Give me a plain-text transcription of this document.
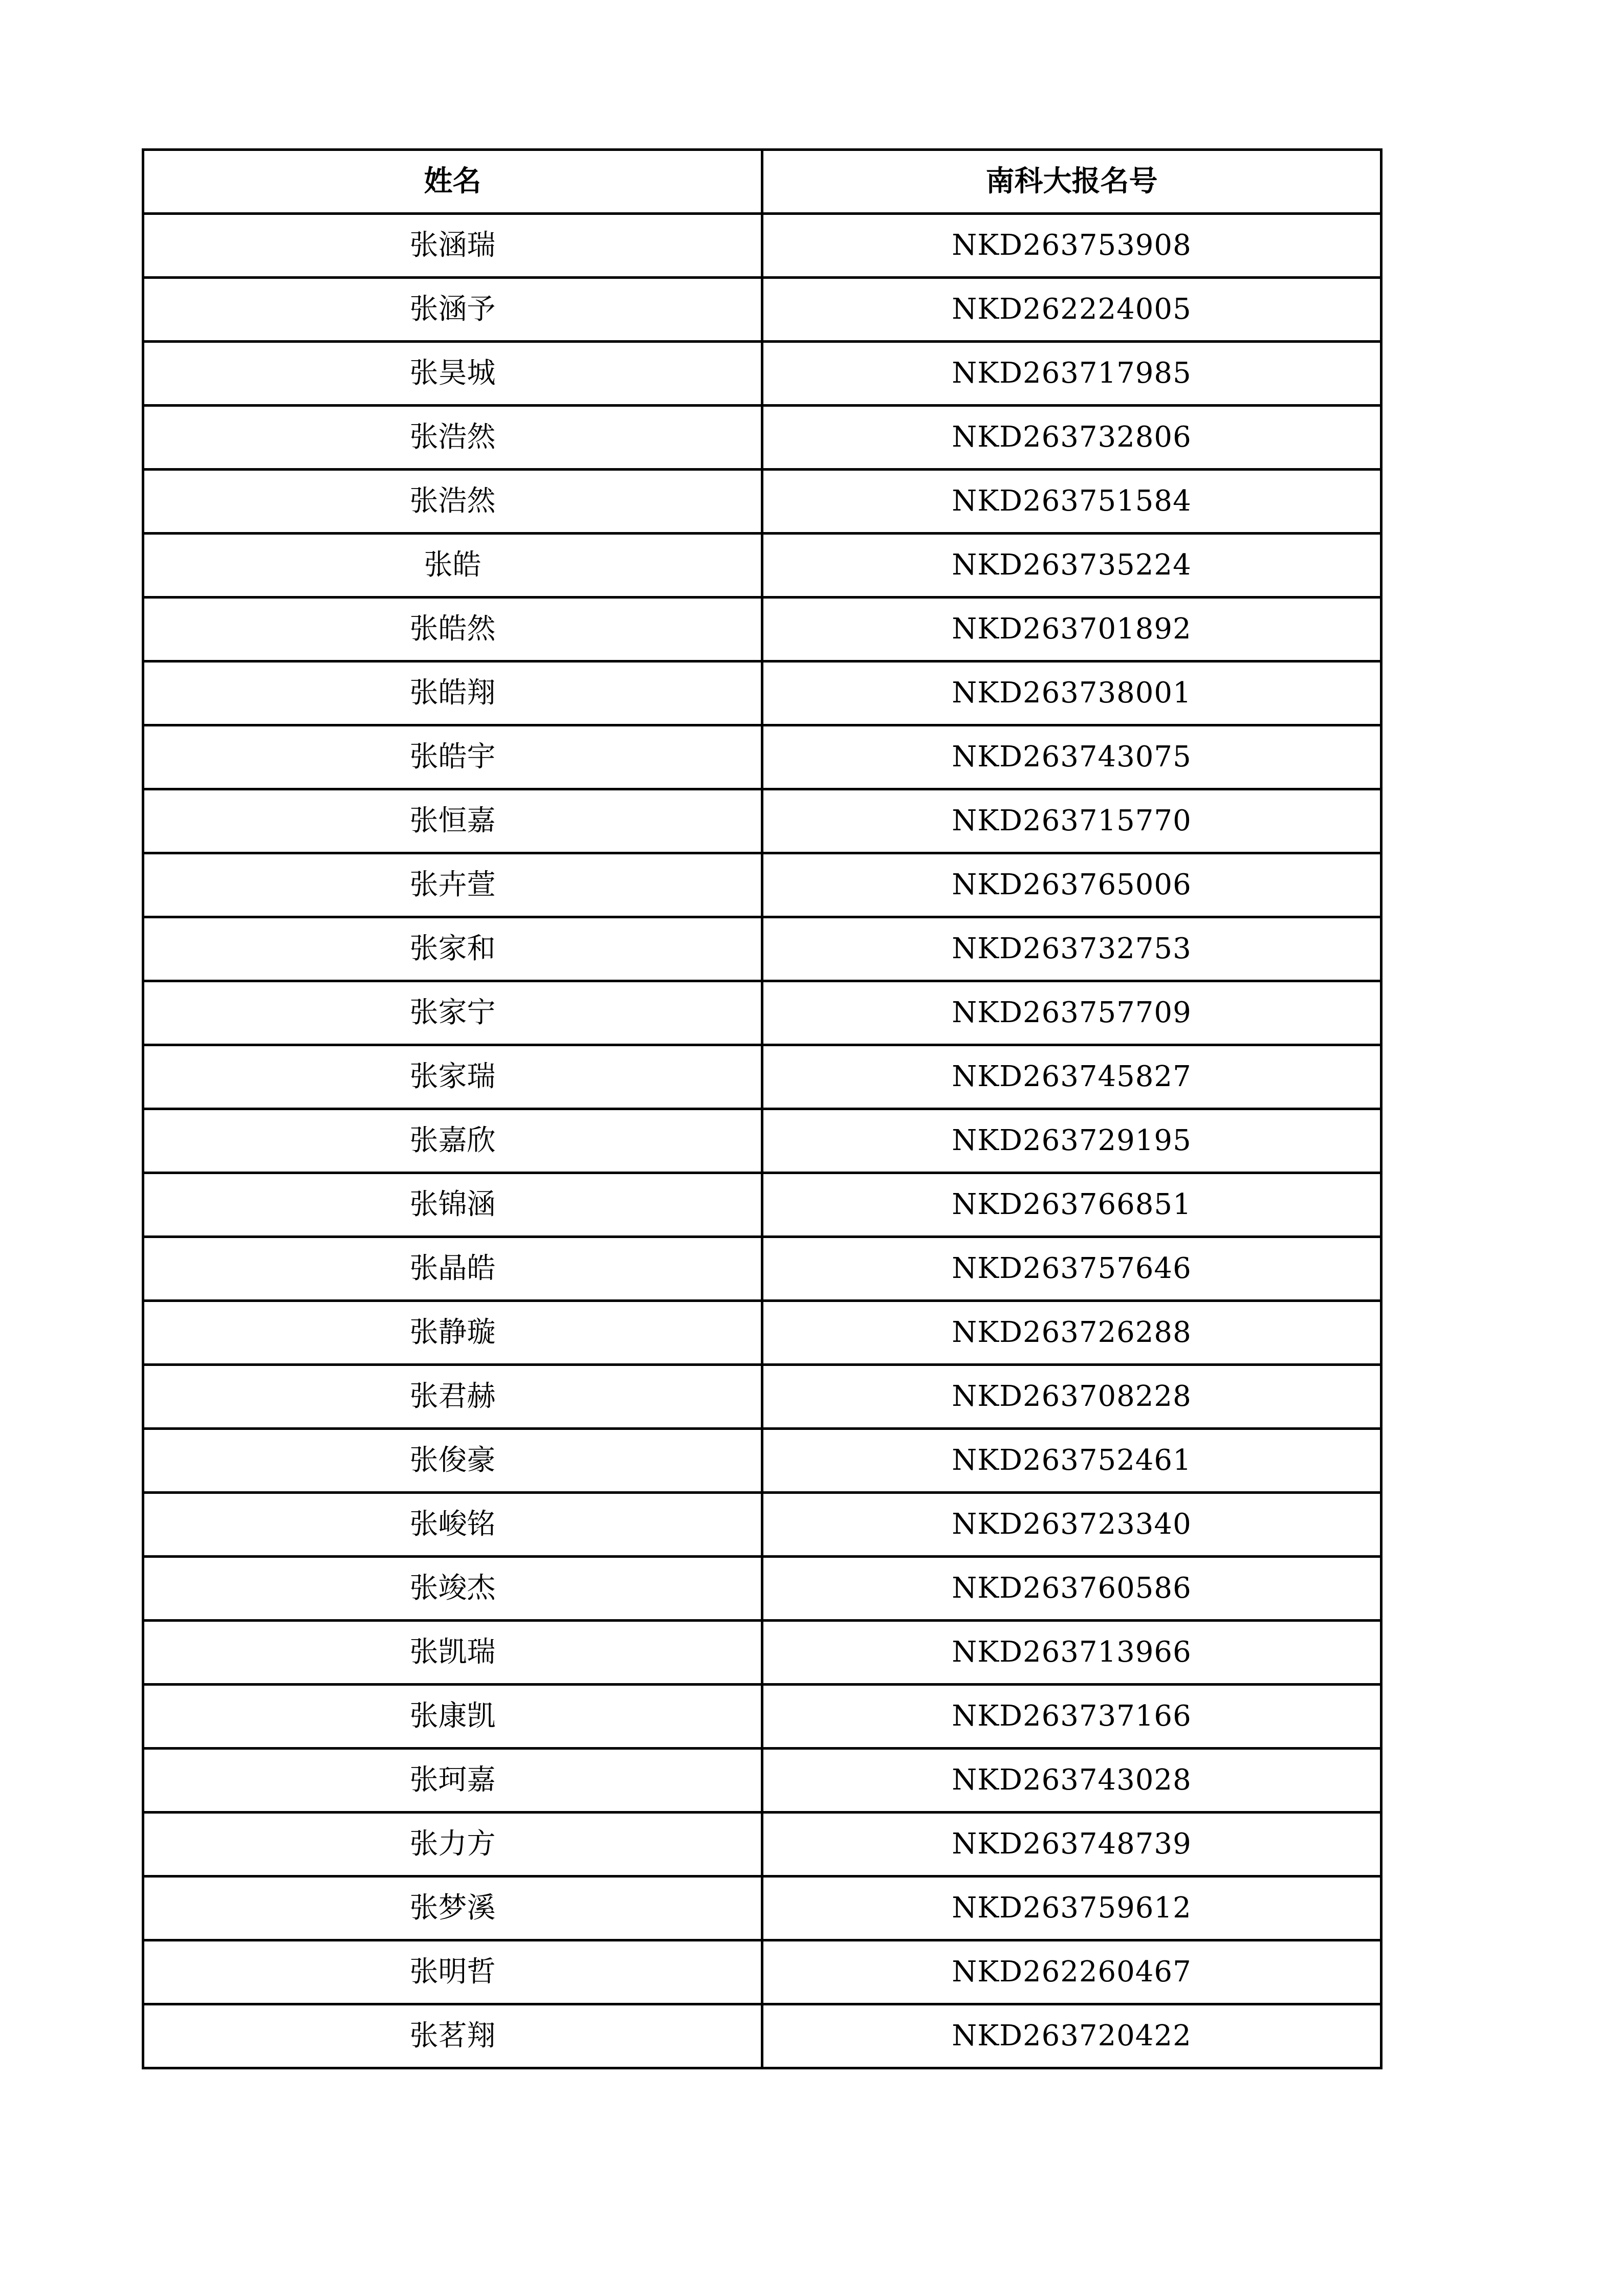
姓名	南科大报名号
张涵瑞	NKD263753908
张涵予	NKD262224005
张昊城	NKD263717985
张浩然	NKD263732806
张浩然	NKD263751584
张皓	NKD263735224
张皓然	NKD263701892
张皓翔	NKD263738001
张皓宇	NKD263743075
张恒嘉	NKD263715770
张卉萱	NKD263765006
张家和	NKD263732753
张家宁	NKD263757709
张家瑞	NKD263745827
张嘉欣	NKD263729195
张锦涵	NKD263766851
张晶皓	NKD263757646
张静璇	NKD263726288
张君赫	NKD263708228
张俊豪	NKD263752461
张峻铭	NKD263723340
张竣杰	NKD263760586
张凯瑞	NKD263713966
张康凯	NKD263737166
张珂嘉	NKD263743028
张力方	NKD263748739
张梦溪	NKD263759612
张明哲	NKD262260467
张茗翔	NKD263720422
